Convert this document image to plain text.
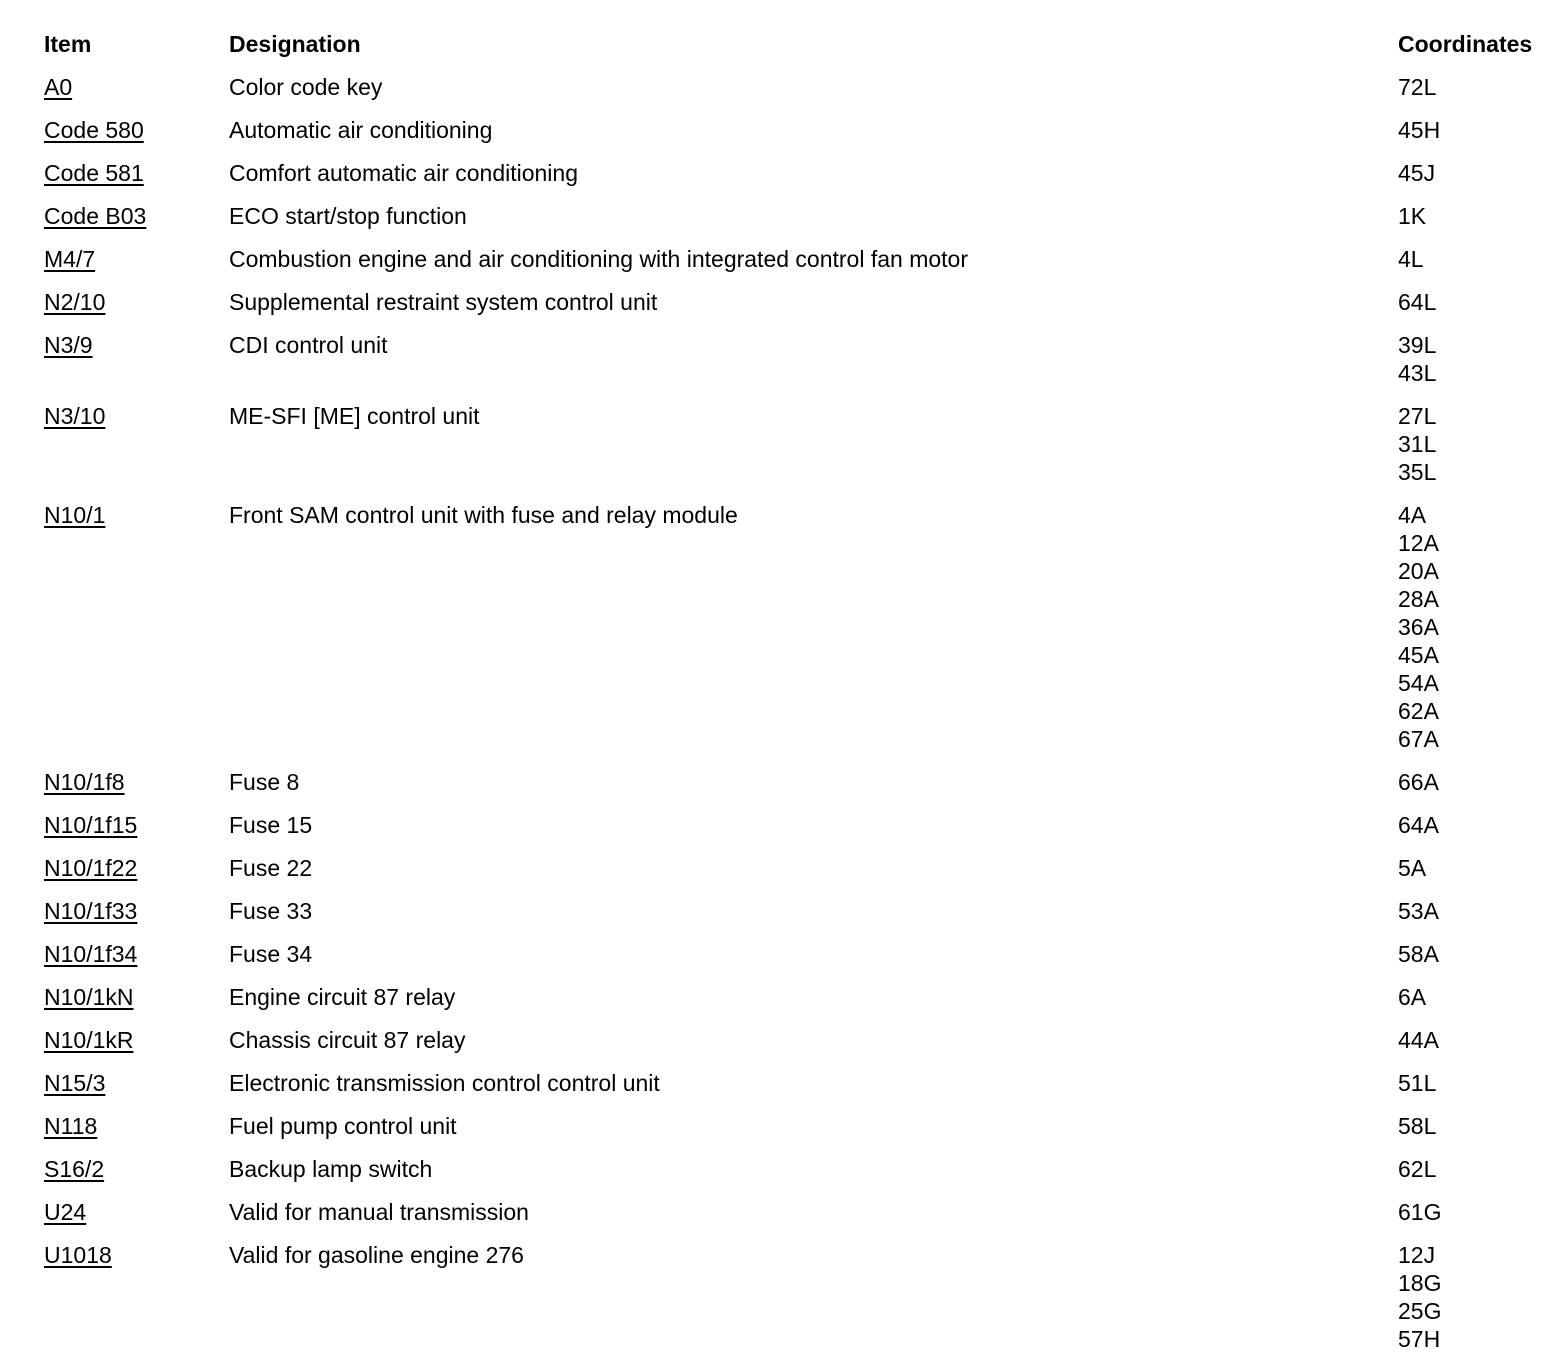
Item	Designation	Coordinates
A0	Color code key	72L
Code 580	Automatic air conditioning	45H
Code 581	Comfort automatic air conditioning	45J
Code B03	ECO start/stop function	1K
M4/7	Combustion engine and air conditioning with integrated control fan motor	4L
N2/10	Supplemental restraint system control unit	64L
N3/9	CDI control unit	39L
43L
N3/10	ME-SFI [ME] control unit	27L
31L
35L
N10/1	Front SAM control unit with fuse and relay module	4A
12A
20A
28A
36A
45A
54A
62A
67A
N10/1f8	Fuse 8	66A
N10/1f15	Fuse 15	64A
N10/1f22	Fuse 22	5A
N10/1f33	Fuse 33	53A
N10/1f34	Fuse 34	58A
N10/1kN	Engine circuit 87 relay	6A
N10/1kR	Chassis circuit 87 relay	44A
N15/3	Electronic transmission control control unit	51L
N118	Fuel pump control unit	58L
S16/2	Backup lamp switch	62L
U24	Valid for manual transmission	61G
U1018	Valid for gasoline engine 276	12J
18G
25G
57H
